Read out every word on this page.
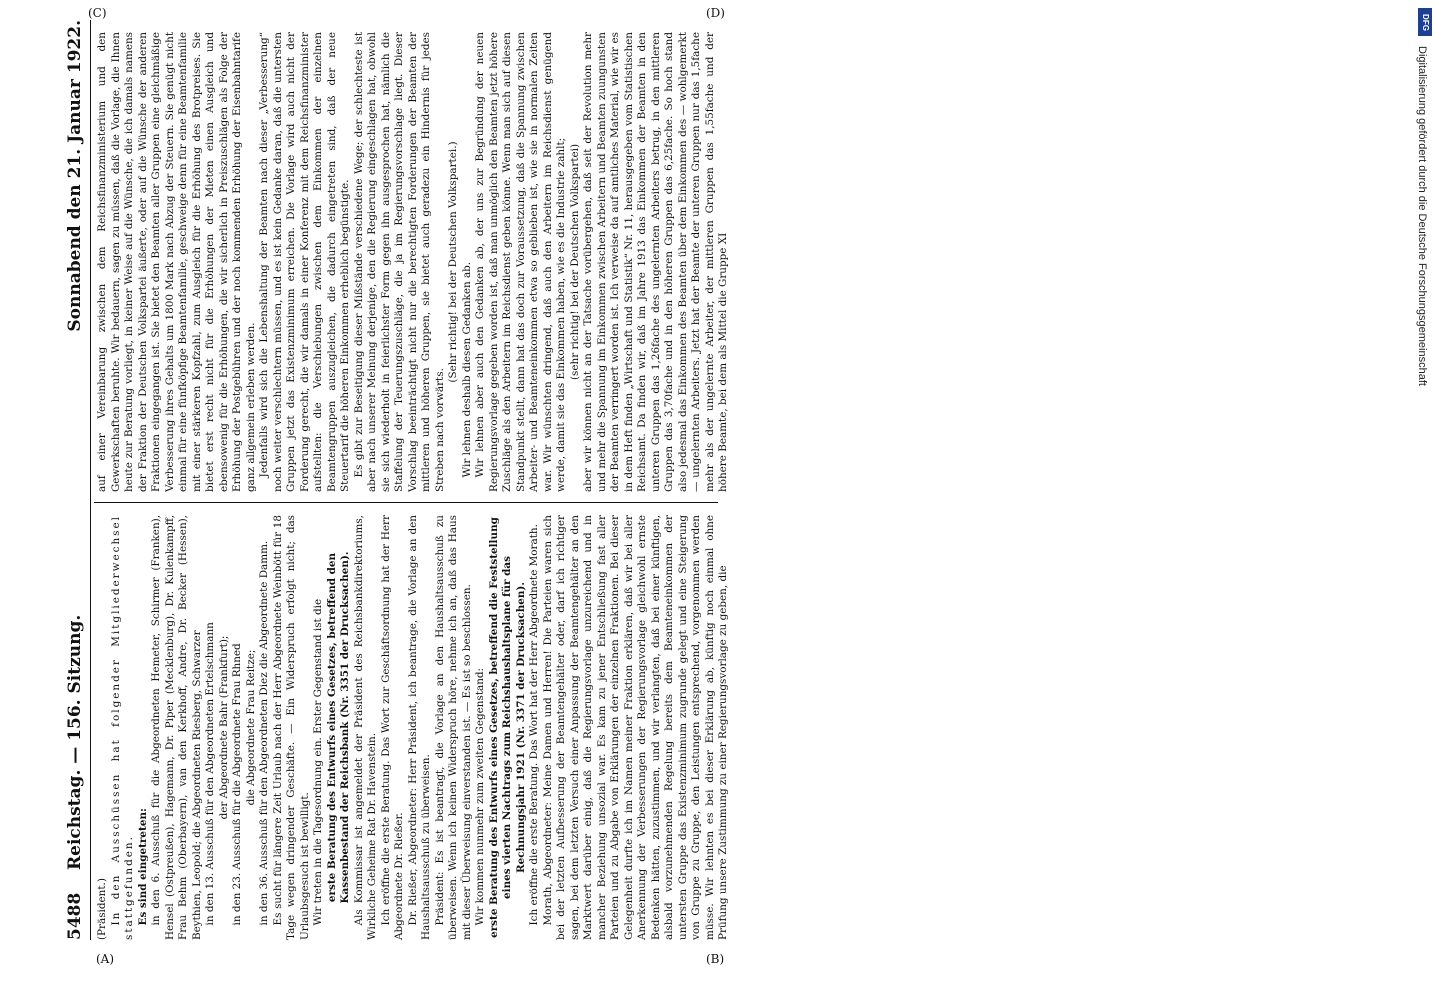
5488
Reichstag. — 156. Sitzung.
Sonnabend den 21. Januar 1922.

(Präsident.) In den Ausschüssen hat folgender Mitgliederwechsel stattgefunden. Es sind eingetreten: in den 6. Ausschuß für die Abgeordneten Hemeter, Schirmer (Franken), Hensel (Ostpreußen), Hagemann, Dr. Piper (Mecklenburg), Dr. Kulenkampff, Frau Behm (Oberbayern), van den Kerkhoff, Andre, Dr. Becker (Hessen), Beythien, Leopold; die Abgeordneten Riesberg, Schwarzer in den 13. Ausschuß für den Abgeordneten Ertelschmann der Abgeordnete Bahr (Frankfurt); in den 23. Ausschuß für die Abgeordnete Frau Rhned die Abgeordnete Frau Reitze; in den 36. Ausschuß für den Abgeordneten Diez die Abgeordnete Damm. Es sucht für längere Zeit Urlaub nach der Herr Abgeordnete Weinbött für 18 Tage wegen dringender Geschäfte. — Ein Widerspruch erfolgt nicht; das Urlaubsgesuch ist bewilligt. Wir treten in die Tagesordnung ein. Erster Gegenstand ist die erste Beratung des Entwurfs eines Gesetzes, betreffend den Kassenbestand der Reichsbank (Nr. 3351 der Drucksachen). Als Kommissar ist angemeldet der Präsident des Reichsbankdirektoriums, Wirkliche Geheime Rat Dr. Havenstein. Ich eröffne die erste Beratung. Das Wort zur Geschäftsordnung hat der Herr Abgeordnete Dr. Rießer. Dr. Rießer, Abgeordneter: Herr Präsident, ich beantrage, die Vorlage an den Haushaltsausschuß zu überweisen. Präsident: Es ist beantragt, die Vorlage an den Haushaltsausschuß zu überweisen. Wenn ich keinen Widerspruch höre, nehme ich an, daß das Haus mit dieser Überweisung einverstanden ist. — Es ist so beschlossen. Wir kommen nunmehr zum zweiten Gegenstand: erste Beratung des Entwurfs eines Gesetzes, betreffend die Feststellung eines vierten Nachtrags zum Reichshaushaltsplane für das Rechnungsjahr 1921 (Nr. 3371 der Drucksachen). Ich eröffne die erste Beratung. Das Wort hat der Herr Abgeordnete Morath. Morath, Abgeordneter: Meine Damen und Herren! Die Parteien waren sich bei der letzten Aufbesserung der Beamtengehälter oder, darf ich richtiger sagen, bei dem letzten Versuch einer Anpassung der Beamtengehälter an den Marktwert darüber einig, daß die Regierungsvorlage unzureichend und in mancher Beziehung unsozial war. Es kam zu jener Entschließung fast aller Parteien und zu Abgabe von Erklärungen der einzelnen Fraktionen. Bei dieser Gelegenheit durfte ich im Namen meiner Fraktion erklären, daß wir bei aller Anerkennung der Verbesserungen der Regierungsvorlage gleichwohl ernste Bedenken hätten, zuzustimmen, und wir verlangten, daß bei einer künftigen, alsbald vorzunehmenden Regelung bereits dem Beamteneinkommen der untersten Gruppe das Existenzminimum zugrunde gelegt und eine Steigerung von Gruppe zu Gruppe, den Leistungen entsprechend, vorgenommen werden müsse. Wir lehnten es bei dieser Erklärung ab, künftig noch einmal ohne Prüfung unsere Zustimmung zu einer Regierungsvorlage zu geben, die

auf einer Vereinbarung zwischen dem Reichsfinanzministerium und den Gewerkschaften beruhte. Wir bedauern, sagen zu müssen, daß die Vorlage, die Ihnen heute zur Beratung vorliegt, in keiner Weise auf die Wünsche, die ich damals namens der Fraktion der Deutschen Volkspartei äußerte, oder auf die Wünsche der anderen Fraktionen eingegangen ist. Sie bietet den Beamten aller Gruppen eine gleichmäßige Verbesserung ihres Gehalts um 1800 Mark nach Abzug der Steuern. Sie genügt nicht einmal für eine fünfköpfige Beamtenfamilie, geschweige denn für eine Beamtenfamilie mit einer stärkeren Kopfzahl, zum Ausgleich für die Erhöhung des Brotpreises. Sie bietet erst recht nicht für die Erhöhungen der Mieten einen Ausgleich und ebensowenig für die Erhöhungen, die wir sicherlich in Preiszuschlägen als Folge der Erhöhung der Postgebühren und der noch kommenden Erhöhung der Eisenbahntarife ganz allgemein erleben werden. Jedenfalls wird sich die Lebenshaltung der Beamten nach dieser „Verbesserung“ noch weiter verschlechtern müssen, und es ist kein Gedanke daran, daß die untersten Gruppen jetzt das Existenzminimum erreichen. Die Vorlage wird auch nicht der Forderung gerecht, die wir damals in einer Konferenz mit dem Reichsfinanzminister aufstellten: die Verschiebungen zwischen dem Einkommen der einzelnen Beamtengruppen auszugleichen, die dadurch eingetreten sind, daß der neue Steuertarif die höheren Einkommen erheblich begünstigte. Es gibt zur Beseitigung dieser Mißstände verschiedene Wege; der schlechteste ist aber nach unserer Meinung derjenige, den die Regierung eingeschlagen hat, obwohl sie sich wiederholt in feierlichster Form gegen ihn ausgesprochen hat, nämlich die Staffelung der Teuerungszuschläge, die ja im Regierungsvorschlage liegt. Dieser Vorschlag beeinträchtigt nicht nur die berechtigten Forderungen der Beamten der mittleren und höheren Gruppen, sie bietet auch geradezu ein Hindernis für jedes Streben nach vorwärts.

(Sehr richtig! bei der Deutschen Volkspartei.) Wir lehnen deshalb diesen Gedanken ab. Wir lehnen aber auch den Gedanken ab, der uns zur Begründung der neuen Regierungsvorlage gegeben worden ist, daß man unmöglich den Beamten jetzt höhere Zuschläge als den Arbeitern im Reichsdienst geben könne. Wenn man sich auf diesen Standpunkt stellt, dann hat das doch zur Voraussetzung, daß die Spannung zwischen Arbeiter- und Beamteneinkommen etwa so geblieben ist, wie sie in normalen Zeiten war. Wir wünschten dringend, daß auch den Arbeitern im Reichsdienst genügend werde, damit sie das Einkommen haben, wie es die Industrie zahlt; (sehr richtig! bei der Deutschen Volkspartei) aber wir können nicht an der Tatsache vorübergehen, daß seit der Revolution mehr und mehr die Spannung im Einkommen zwischen Arbeitern und Beamten zuungunsten der Beamten verringert worden ist. Ich verweise da auf amtliches Material, wie wir es in dem Heft finden „Wirtschaft und Statistik“ Nr. 11, herausgegeben vom Statistischen Reichsamt. Da finden wir, daß im Jahre 1913 das Einkommen der Beamten in den unteren Gruppen das 1,26fache des ungelernten Arbeiters betrug, in den mittleren Gruppen das 3,70fache und in den höheren Gruppen das 6,25fache. So hoch stand also jedesmal das Einkommen des Beamten über dem Einkommen des — wohlgemerkt — ungelernten Arbeiters. Jetzt hat der Beamte der unteren Gruppen nur das 1,5fache mehr als der ungelernte Arbeiter, der mittleren Gruppen das 1,55fache und der höhere Beamte, bei dem als Mittel die Gruppe XI

(A)	(B)
(C)	(D)
Digitalisierung gefördert durch die Deutsche Forschungsgemeinschaft
DFG
